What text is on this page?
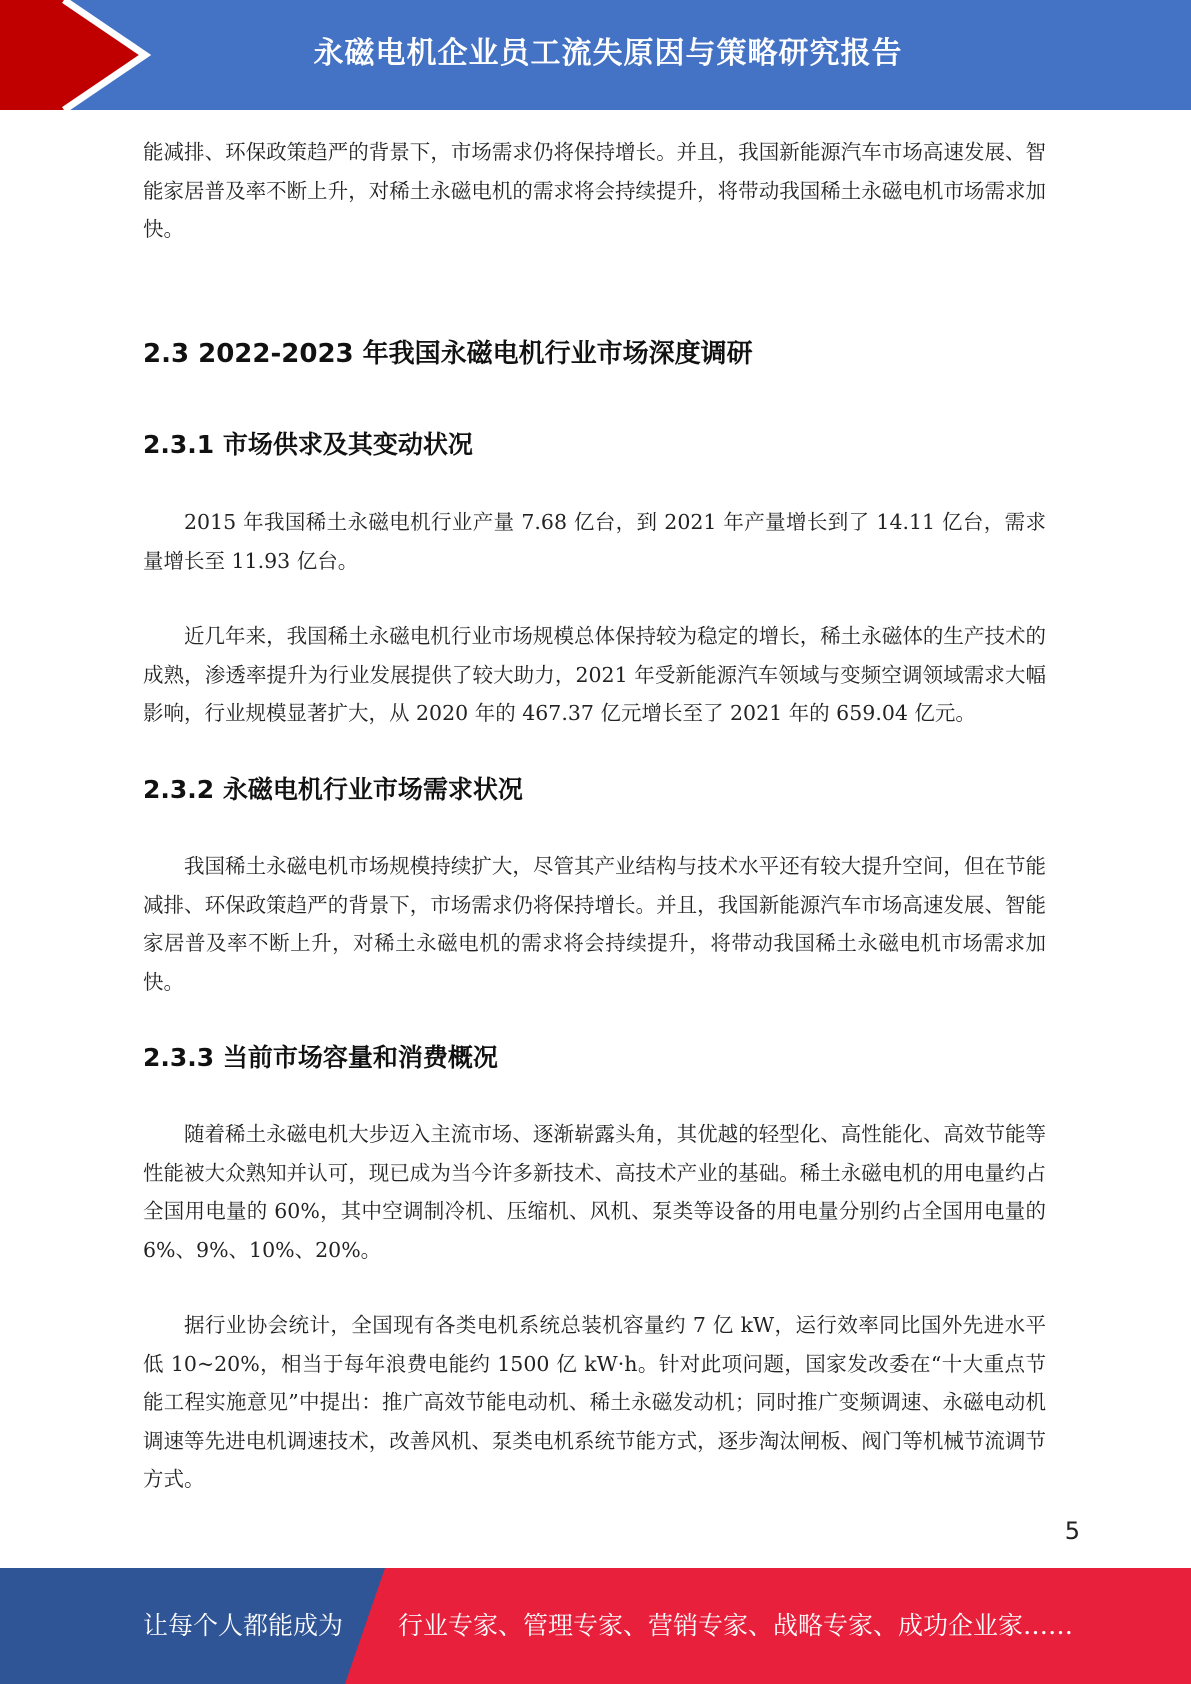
永磁电机企业员工流失原因与策略研究报告

能减排、环保政策趋严的背景下，市场需求仍将保持增长。并且，我国新能源汽车市场高速发展、智能家居普及率不断上升，对稀土永磁电机的需求将会持续提升，将带动我国稀土永磁电机市场需求加快。

2.3 2022-2023 年我国永磁电机行业市场深度调研
2.3.1 市场供求及其变动状况

2015 年我国稀土永磁电机行业产量 7.68 亿台，到 2021 年产量增长到了 14.11 亿台，需求量增长至 11.93 亿台。

近几年来，我国稀土永磁电机行业市场规模总体保持较为稳定的增长，稀土永磁体的生产技术的成熟，渗透率提升为行业发展提供了较大助力，2021 年受新能源汽车领域与变频空调领域需求大幅影响，行业规模显著扩大，从 2020 年的 467.37 亿元增长至了 2021 年的 659.04 亿元。

2.3.2 永磁电机行业市场需求状况

我国稀土永磁电机市场规模持续扩大，尽管其产业结构与技术水平还有较大提升空间，但在节能减排、环保政策趋严的背景下，市场需求仍将保持增长。并且，我国新能源汽车市场高速发展、智能家居普及率不断上升，对稀土永磁电机的需求将会持续提升，将带动我国稀土永磁电机市场需求加快。

2.3.3 当前市场容量和消费概况

随着稀土永磁电机大步迈入主流市场、逐渐崭露头角，其优越的轻型化、高性能化、高效节能等性能被大众熟知并认可，现已成为当今许多新技术、高技术产业的基础。稀土永磁电机的用电量约占全国用电量的 60%，其中空调制冷机、压缩机、风机、泵类等设备的用电量分别约占全国用电量的 6%、9%、10%、20%。

据行业协会统计，全国现有各类电机系统总装机容量约 7 亿 kW，运行效率同比国外先进水平低 10~20%，相当于每年浪费电能约 1500 亿 kW·h。针对此项问题，国家发改委在“十大重点节能工程实施意见”中提出：推广高效节能电动机、稀土永磁发动机；同时推广变频调速、永磁电动机调速等先进电机调速技术，改善风机、泵类电机系统节能方式，逐步淘汰闸板、阀门等机械节流调节方式。

5
让每个人都能成为 行业专家、管理专家、营销专家、战略专家、成功企业家……
